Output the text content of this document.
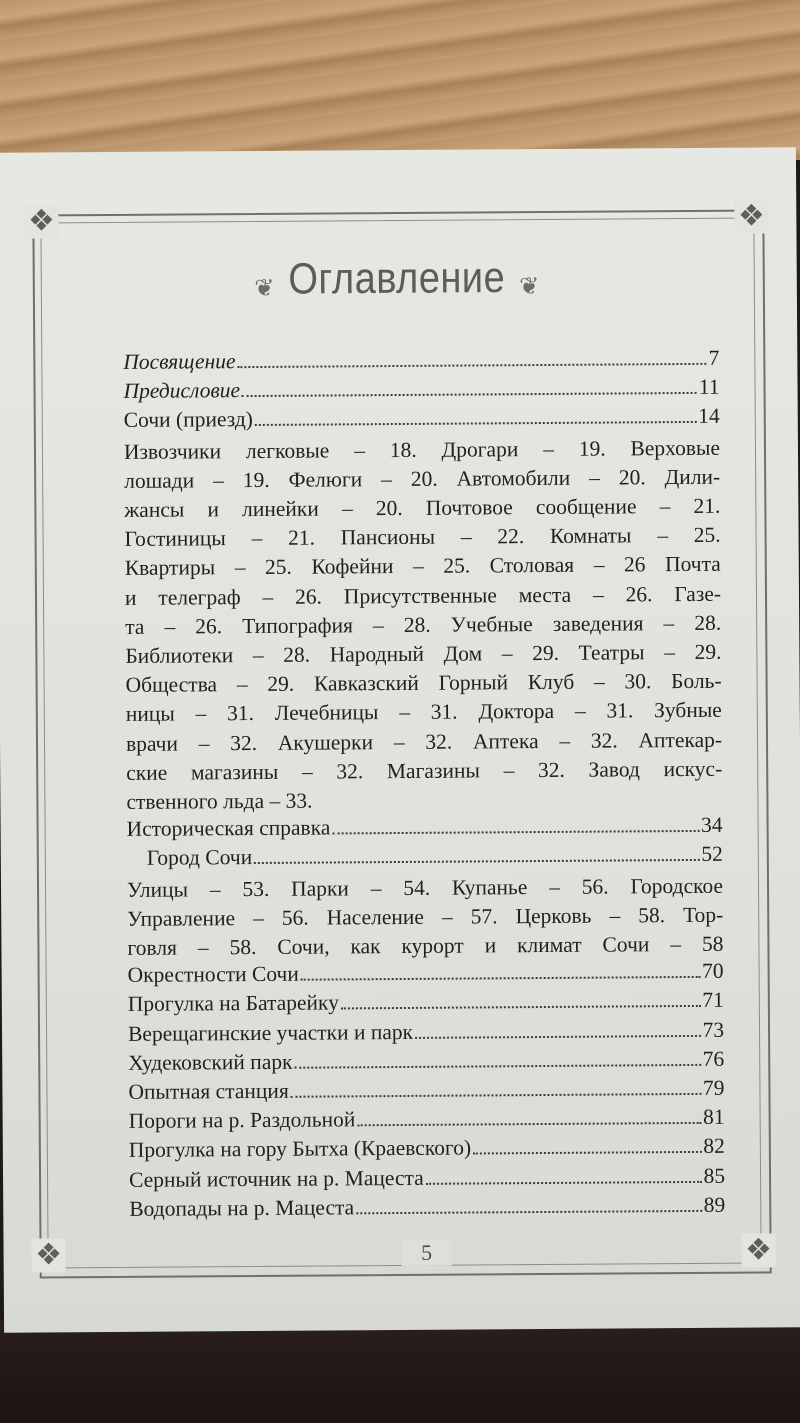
❖	❖
❖	❖
❦ Оглавление ❦
Посвящение	7
Предисловие	11
Сочи (приезд)	14
Извозчики легковые – 18. Дрогари – 19. Верховые
лошади – 19. Фелюги – 20. Автомобили – 20. Дили-
жансы и линейки – 20. Почтовое сообщение – 21.
Гостиницы – 21. Пансионы – 22. Комнаты – 25.
Квартиры – 25. Кофейни – 25. Столовая – 26 Почта
и телеграф – 26. Присутственные места – 26. Газе-
та – 26. Типография – 28. Учебные заведения – 28.
Библиотеки – 28. Народный Дом – 29. Театры – 29.
Общества – 29. Кавказский Горный Клуб – 30. Боль-
ницы – 31. Лечебницы – 31. Доктора – 31. Зубные
врачи – 32. Акушерки – 32. Аптека – 32. Аптекар-
ские магазины – 32. Магазины – 32. Завод искус-
ственного льда – 33.
Историческая справка	34
Город Сочи	52
Улицы – 53. Парки – 54. Купанье – 56. Городское
Управление – 56. Население – 57. Церковь – 58. Тор-
говля – 58. Сочи, как курорт и климат Сочи – 58
Окрестности Сочи	70
Прогулка на Батарейку	71
Верещагинские участки и парк	73
Худековский парк	76
Опытная станция	79
Пороги на р. Раздольной	81
Прогулка на гору Бытха (Краевского)	82
Серный источник на р. Мацеста	85
Водопады на р. Мацеста	89
5
